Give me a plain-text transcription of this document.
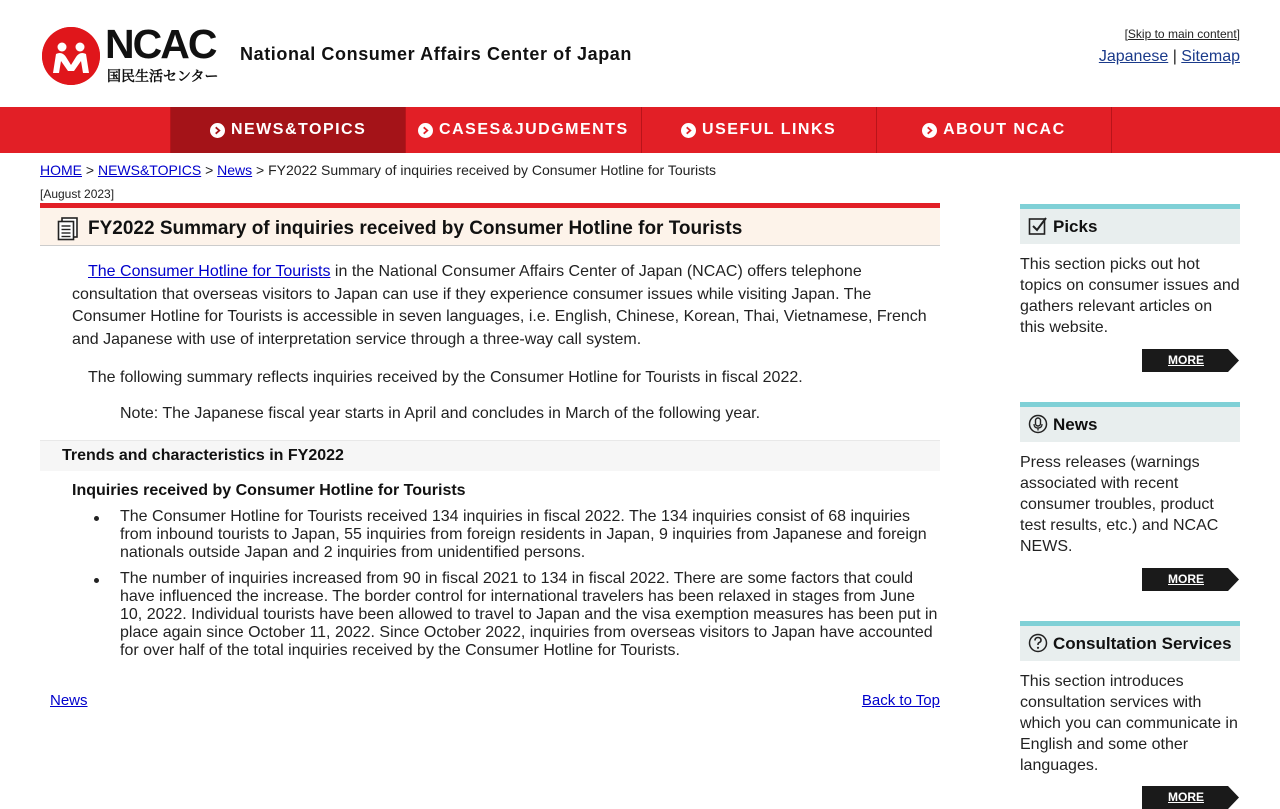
NCAC
国民生活センター
National Consumer Affairs Center of Japan
[Skip to main content]
Japanese | Sitemap
NEWS&TOPICS	CASES&JUDGMENTS	USEFUL LINKS	ABOUT NCAC
HOME > NEWS&TOPICS > News > FY2022 Summary of inquiries received by Consumer Hotline for Tourists
[August 2023]
FY2022 Summary of inquiries received by Consumer Hotline for Tourists
The Consumer Hotline for Tourists in the National Consumer Affairs Center of Japan (NCAC) offers telephone consultation that overseas visitors to Japan can use if they experience consumer issues while visiting Japan. The Consumer Hotline for Tourists is accessible in seven languages, i.e. English, Chinese, Korean, Thai, Vietnamese, French and Japanese with use of interpretation service through a three-way call system.
The following summary reflects inquiries received by the Consumer Hotline for Tourists in fiscal 2022.
Note: The Japanese fiscal year starts in April and concludes in March of the following year.
Trends and characteristics in FY2022
Inquiries received by Consumer Hotline for Tourists
The Consumer Hotline for Tourists received 134 inquiries in fiscal 2022. The 134 inquiries consist of 68 inquiries from inbound tourists to Japan, 55 inquiries from foreign residents in Japan, 9 inquiries from Japanese and foreign nationals outside Japan and 2 inquiries from unidentified persons.
The number of inquiries increased from 90 in fiscal 2021 to 134 in fiscal 2022. There are some factors that could have influenced the increase. The border control for international travelers has been relaxed in stages from June 10, 2022. Individual tourists have been allowed to travel to Japan and the visa exemption measures has been put in place again since October 11, 2022. Since October 2022, inquiries from overseas visitors to Japan have accounted for over half of the total inquiries received by the Consumer Hotline for Tourists.
News	Back to Top
Picks
This section picks out hot topics on consumer issues and gathers relevant articles on this website.
MORE
News
Press releases (warnings associated with recent consumer troubles, product test results, etc.) and NCAC NEWS.
MORE
Consultation Services
This section introduces consultation services with which you can communicate in English and some other languages.
MORE
